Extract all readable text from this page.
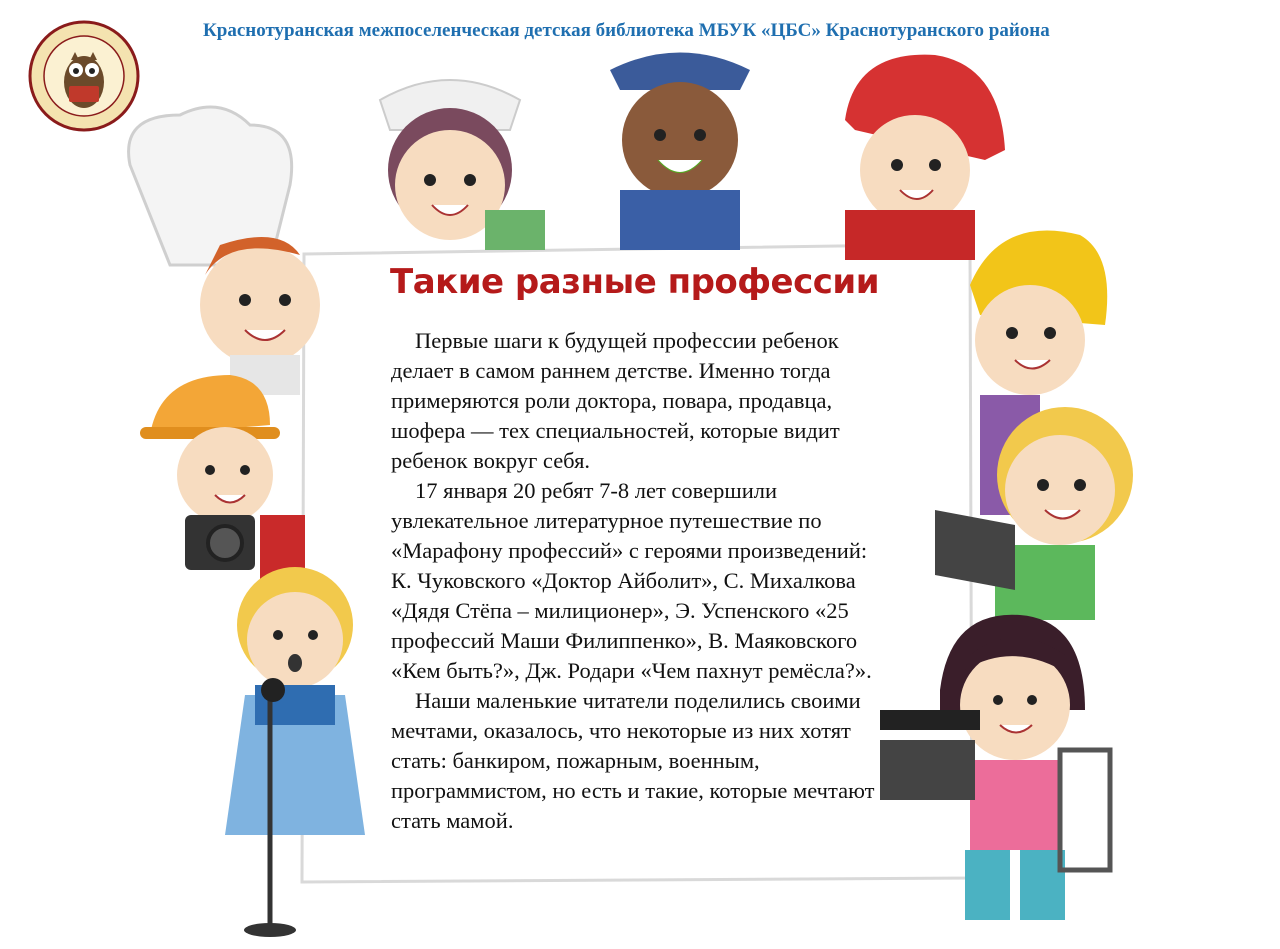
Краснотуранская межпоселенческая детская библиотека МБУК «ЦБС» Краснотуранского района
Такие разные профессии

Первые шаги к будущей профессии ребенок делает в самом раннем детстве. Именно тогда примеряются роли доктора, повара, продавца, шофера — тех специальностей, которые видит ребенок вокруг себя.

17 января 20 ребят 7-8 лет совершили увлекательное литературное путешествие по «Марафону профессий» с героями произведений: К. Чуковского «Доктор Айболит», С. Михалкова «Дядя Стёпа – милиционер», Э. Успенского «25 профессий Маши Филиппенко», В. Маяковского «Кем быть?», Дж. Родари «Чем пахнут ремёсла?».

Наши маленькие читатели поделились своими мечтами, оказалось, что некоторые из них хотят стать: банкиром, пожарным, военным, программистом, но есть и такие, которые мечтают стать мамой.
